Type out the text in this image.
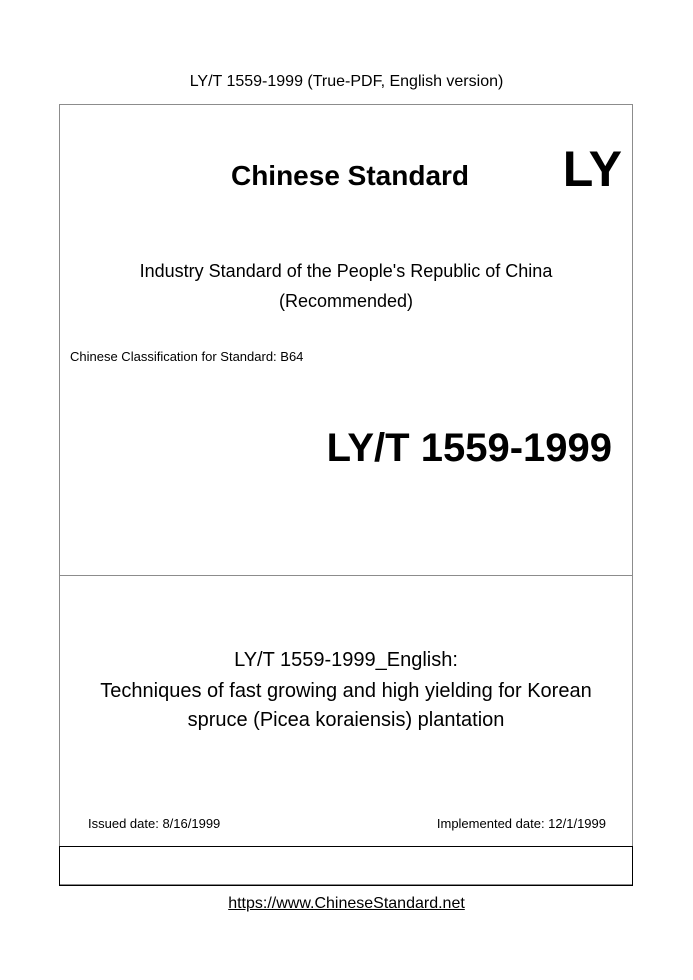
LY/T 1559-1999 (True-PDF, English version)
Chinese Standard	LY
Industry Standard of the People's Republic of China
(Recommended)
Chinese Classification for Standard: B64
LY/T 1559-1999
LY/T 1559-1999_English:
Techniques of fast growing and high yielding for Korean
spruce (Picea koraiensis) plantation
Issued date: 8/16/1999	Implemented date: 12/1/1999
https://www.ChineseStandard.net
